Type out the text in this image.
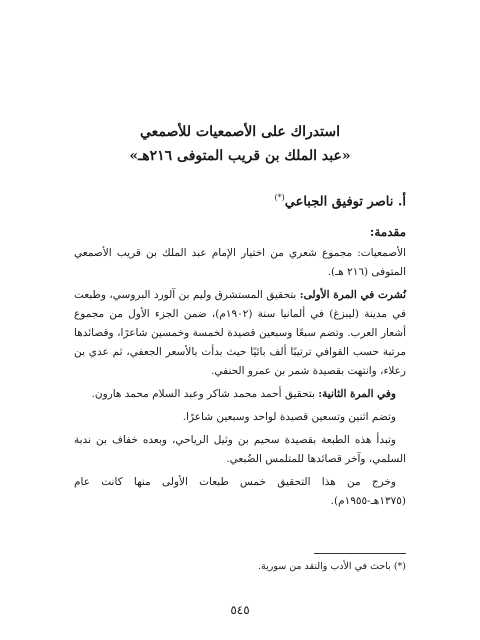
استدراك على الأصمعيات للأصمعي
«عبد الملك بن قريب المتوفى ٢١٦هـ»
أ. ناصر توفيق الجباعي(*)
مقدمة:

الأصمعيات: مجموع شعري من اختيار الإمام عبد الملك بن قريب الأصمعي المتوفى (٢١٦ هـ).

نُشرت في المرة الأولى: بتحقيق المستشرق وليم بن آلورد البروسي، وطبعت في مدينة (ليبزغ) في ألمانيا سنة (١٩٠٢م)، ضمن الجزء الأول من مجموع أشعار العرب. وتضم سبعًا وسبعين قصيدة لخمسة وخمسين شاعرًا، وقصائدها مرتبة حسب القوافي ترتيبًا ألف بائيًا حيث بدأت بالأسعر الجعفي، ثم عدي بن رعلاء، وانتهت بقصيدة شمر بن عمرو الحنفي.

وفي المرة الثانية: بتحقيق أحمد محمد شاكر وعبد السلام محمد هارون.

وتضم اثنين وتسعين قصيدة لواحد وسبعين شاعرًا.

وتبدأ هذه الطبعة بقصيدة سحيم بن وثيل الرياحي، وبعده خفاف بن ندبة السلمي، وآخر قصائدها للمتلمس الضُبعي.

وخرج من هذا التحقيق خمس طبعات الأولى منها كانت عام (١٣٧٥هـ-١٩٥٥م).

(*) باحث في الأدب والنقد من سورية.
٥٤٥
